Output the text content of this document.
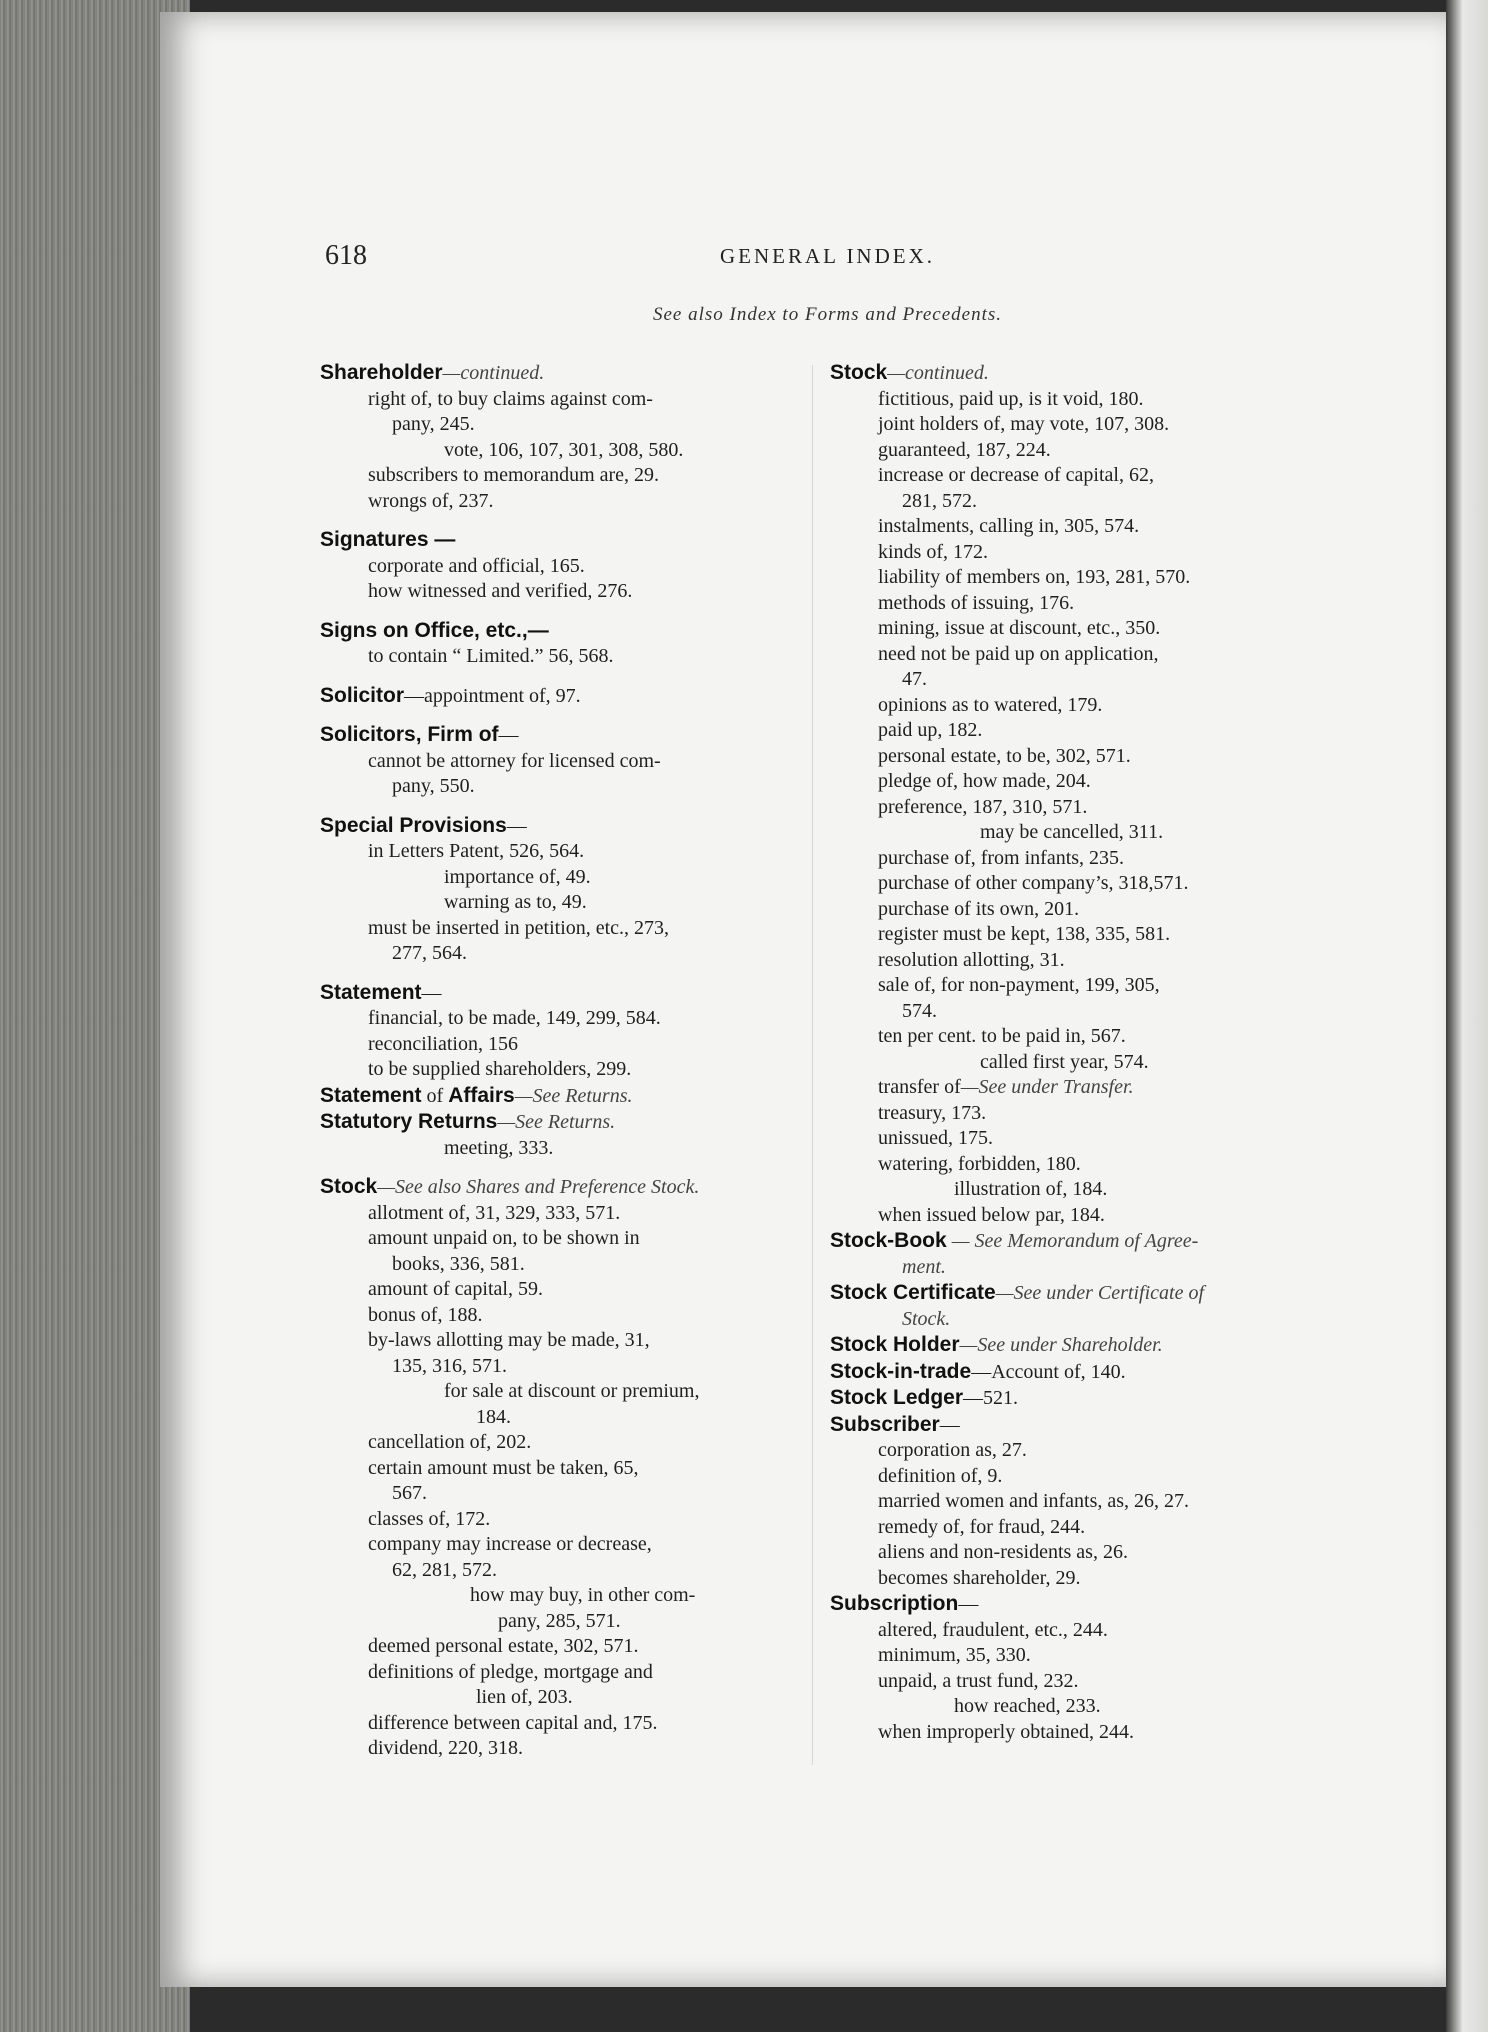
618	GENERAL INDEX.
See also Index to Forms and Precedents.
Shareholder—continued.
right of, to buy claims against com-
pany, 245.
vote, 106, 107, 301, 308, 580.
subscribers to memorandum are, 29.
wrongs of, 237.
Signatures —
corporate and official, 165.
how witnessed and verified, 276.
Signs on Office, etc.,—
to contain “ Limited.” 56, 568.
Solicitor—appointment of, 97.
Solicitors, Firm of—
cannot be attorney for licensed com-
pany, 550.
Special Provisions—
in Letters Patent, 526, 564.
importance of, 49.
warning as to, 49.
must be inserted in petition, etc., 273,
277, 564.
Statement—
financial, to be made, 149, 299, 584.
reconciliation, 156
to be supplied shareholders, 299.
Statement of Affairs—See Returns.
Statutory Returns—See Returns.
meeting, 333.
Stock—See also Shares and Preference Stock.
allotment of, 31, 329, 333, 571.
amount unpaid on, to be shown in
books, 336, 581.
amount of capital, 59.
bonus of, 188.
by-laws allotting may be made, 31,
135, 316, 571.
for sale at discount or premium,
184.
cancellation of, 202.
certain amount must be taken, 65,
567.
classes of, 172.
company may increase or decrease,
62, 281, 572.
how may buy, in other com-
pany, 285, 571.
deemed personal estate, 302, 571.
definitions of pledge, mortgage and
lien of, 203.
difference between capital and, 175.
dividend, 220, 318.
Stock—continued.
fictitious, paid up, is it void, 180.
joint holders of, may vote, 107, 308.
guaranteed, 187, 224.
increase or decrease of capital, 62,
281, 572.
instalments, calling in, 305, 574.
kinds of, 172.
liability of members on, 193, 281, 570.
methods of issuing, 176.
mining, issue at discount, etc., 350.
need not be paid up on application,
47.
opinions as to watered, 179.
paid up, 182.
personal estate, to be, 302, 571.
pledge of, how made, 204.
preference, 187, 310, 571.
may be cancelled, 311.
purchase of, from infants, 235.
purchase of other company’s, 318,571.
purchase of its own, 201.
register must be kept, 138, 335, 581.
resolution allotting, 31.
sale of, for non-payment, 199, 305,
574.
ten per cent. to be paid in, 567.
called first year, 574.
transfer of—See under Transfer.
treasury, 173.
unissued, 175.
watering, forbidden, 180.
illustration of, 184.
when issued below par, 184.
Stock-Book — See Memorandum of Agree-
ment.
Stock Certificate—See under Certificate of
Stock.
Stock Holder—See under Shareholder.
Stock-in-trade—Account of, 140.
Stock Ledger—521.
Subscriber—
corporation as, 27.
definition of, 9.
married women and infants, as, 26, 27.
remedy of, for fraud, 244.
aliens and non-residents as, 26.
becomes shareholder, 29.
Subscription—
altered, fraudulent, etc., 244.
minimum, 35, 330.
unpaid, a trust fund, 232.
how reached, 233.
when improperly obtained, 244.
